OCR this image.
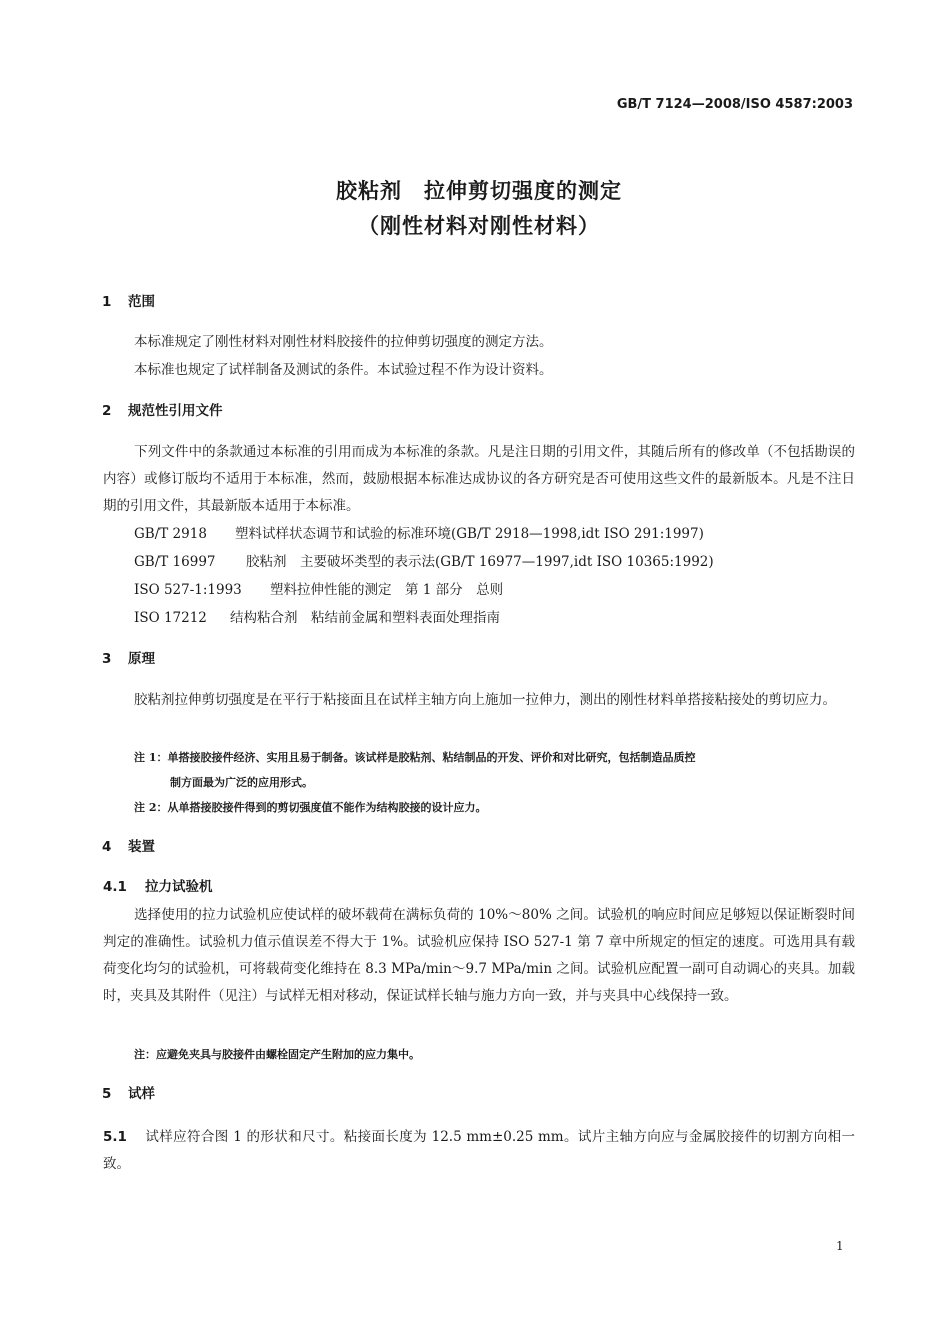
GB/T 7124—2008/ISO 4587:2003
胶粘剂　拉伸剪切强度的测定
（刚性材料对刚性材料）
1 范围
本标准规定了刚性材料对刚性材料胶接件的拉伸剪切强度的测定方法。
本标准也规定了试样制备及测试的条件。本试验过程不作为设计资料。
2 规范性引用文件
下列文件中的条款通过本标准的引用而成为本标准的条款。凡是注日期的引用文件，其随后所有的修改单（不包括勘误的内容）或修订版均不适用于本标准，然而，鼓励根据本标准达成协议的各方研究是否可使用这些文件的最新版本。凡是不注日期的引用文件，其最新版本适用于本标准。
GB/T 2918 塑料试样状态调节和试验的标准环境(GB/T 2918—1998,idt ISO 291:1997)
GB/T 16997 胶粘剂　主要破坏类型的表示法(GB/T 16977—1997,idt ISO 10365:1992)
ISO 527-1:1993 塑料拉伸性能的测定　第 1 部分　总则
ISO 17212 结构粘合剂　粘结前金属和塑料表面处理指南
3 原理
胶粘剂拉伸剪切强度是在平行于粘接面且在试样主轴方向上施加一拉伸力，测出的刚性材料单搭接粘接处的剪切应力。
注 1：单搭接胶接件经济、实用且易于制备。该试样是胶粘剂、粘结制品的开发、评价和对比研究，包括制造品质控
制方面最为广泛的应用形式。
注 2：从单搭接胶接件得到的剪切强度值不能作为结构胶接的设计应力。
4 装置
4.1 拉力试验机
选择使用的拉力试验机应使试样的破坏载荷在满标负荷的 10%～80% 之间。试验机的响应时间应足够短以保证断裂时间判定的准确性。试验机力值示值误差不得大于 1%。试验机应保持 ISO 527-1 第 7 章中所规定的恒定的速度。可选用具有载荷变化均匀的试验机，可将载荷变化维持在 8.3 MPa/min～9.7 MPa/min 之间。试验机应配置一副可自动调心的夹具。加载时，夹具及其附件（见注）与试样无相对移动，保证试样长轴与施力方向一致，并与夹具中心线保持一致。
注：应避免夹具与胶接件由螺栓固定产生附加的应力集中。
5 试样
5.1 试样应符合图 1 的形状和尺寸。粘接面长度为 12.5 mm±0.25 mm。试片主轴方向应与金属胶接件的切割方向相一致。
1
